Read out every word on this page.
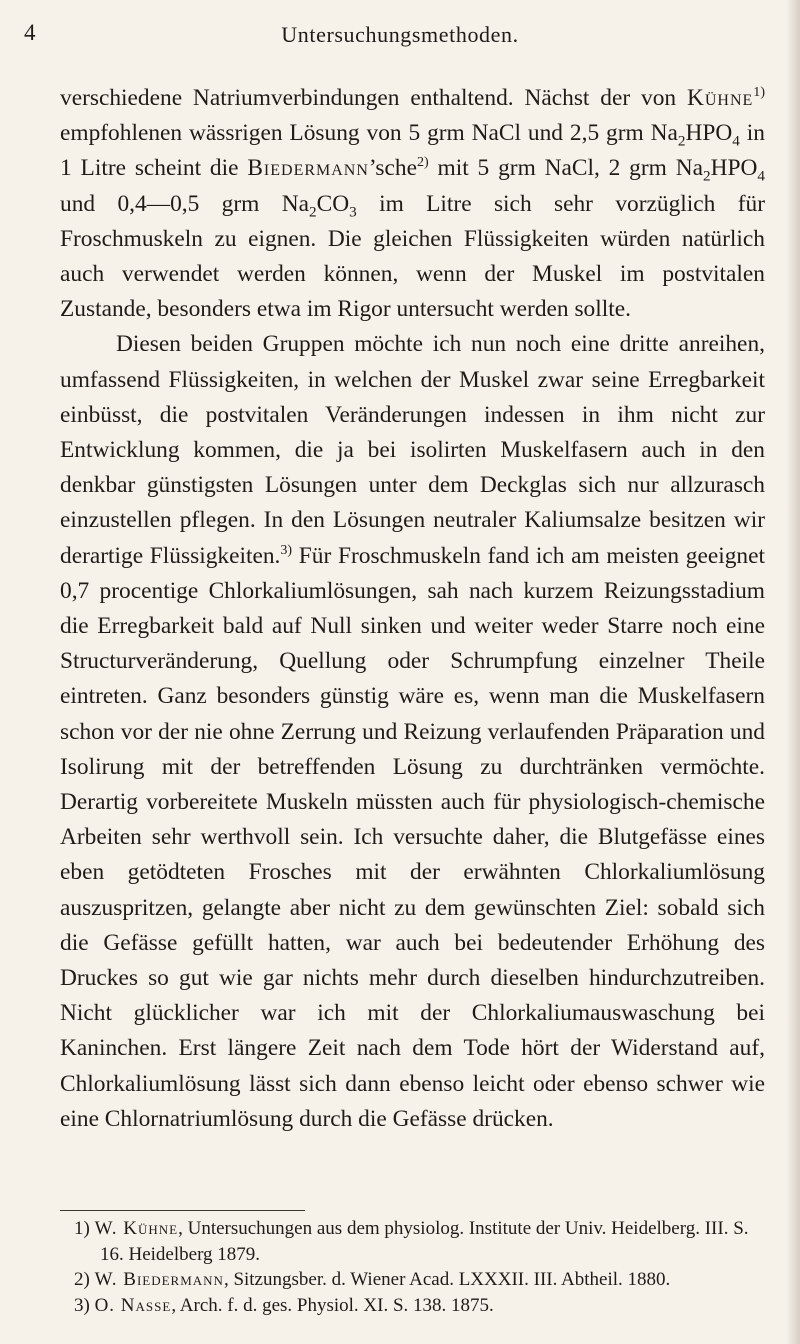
4	Untersuchungsmethoden.

verschiedene Natriumverbindungen enthaltend. Nächst der von Kühne$^{1)}$ empfohlenen wässrigen Lösung von 5 grm NaCl und 2,5 grm $Na_2HPO_4$ in 1 Litre scheint die Biedermann’sche$^{2)}$ mit 5 grm NaCl, 2 grm $Na_2HPO_4$ und 0,4—0,5 grm $Na_2CO_3$ im Litre sich sehr vorzüglich für Froschmuskeln zu eignen. Die gleichen Flüssigkeiten würden natürlich auch verwendet werden können, wenn der Muskel im postvitalen Zustande, besonders etwa im Rigor untersucht werden sollte.

Diesen beiden Gruppen möchte ich nun noch eine dritte anreihen, umfassend Flüssigkeiten, in welchen der Muskel zwar seine Erregbarkeit einbüsst, die postvitalen Veränderungen indessen in ihm nicht zur Entwicklung kommen, die ja bei isolirten Muskelfasern auch in den denkbar günstigsten Lösungen unter dem Deckglas sich nur allzurasch einzustellen pflegen. In den Lösungen neutraler Kaliumsalze besitzen wir derartige Flüssigkeiten.$^{3)}$ Für Froschmuskeln fand ich am meisten geeignet 0,7 procentige Chlorkaliumlösungen, sah nach kurzem Reizungsstadium die Erregbarkeit bald auf Null sinken und weiter weder Starre noch eine Structurveränderung, Quellung oder Schrumpfung einzelner Theile eintreten. Ganz besonders günstig wäre es, wenn man die Muskelfasern schon vor der nie ohne Zerrung und Reizung verlaufenden Präparation und Isolirung mit der betreffenden Lösung zu durchtränken vermöchte. Derartig vorbereitete Muskeln müssten auch für physiologisch-chemische Arbeiten sehr werthvoll sein. Ich versuchte daher, die Blutgefässe eines eben getödteten Frosches mit der erwähnten Chlorkaliumlösung auszuspritzen, gelangte aber nicht zu dem gewünschten Ziel: sobald sich die Gefässe gefüllt hatten, war auch bei bedeutender Erhöhung des Druckes so gut wie gar nichts mehr durch dieselben hindurchzutreiben. Nicht glücklicher war ich mit der Chlorkaliumauswaschung bei Kaninchen. Erst längere Zeit nach dem Tode hört der Widerstand auf, Chlorkaliumlösung lässt sich dann ebenso leicht oder ebenso schwer wie eine Chlornatriumlösung durch die Gefässe drücken.

1) W. Kühne, Untersuchungen aus dem physiolog. Institute der Univ. Heidelberg. III. S. 16. Heidelberg 1879.

2) W. Biedermann, Sitzungsber. d. Wiener Acad. LXXXII. III. Abtheil. 1880.

3) O. Nasse, Arch. f. d. ges. Physiol. XI. S. 138. 1875.
